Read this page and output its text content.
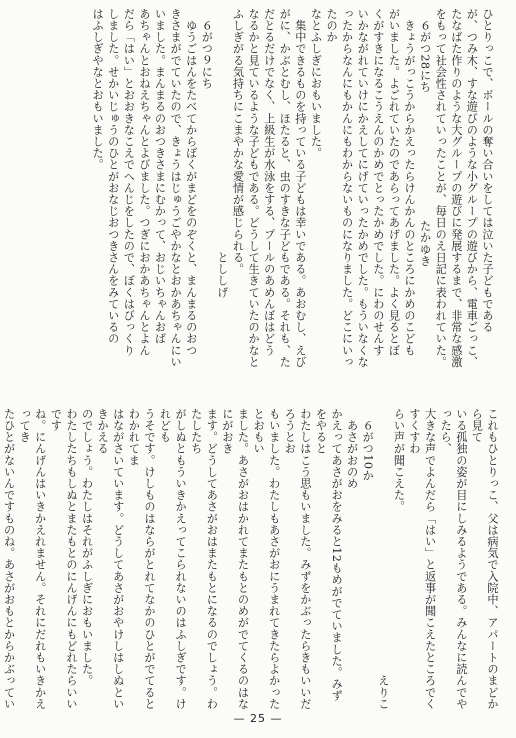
ひとりっこで、ボールの奪い合いをしては泣いた子どもである
が、つみ木、すな遊びのような小グループの遊びから、電車ごっこ、
たなばた作りのような大グループの遊びに発展するまで、非常な感激
をもって社会性されていったことが、毎日のえ日記に表われていた。
　６がつ28にち　　　　　　　　　　　たかゆき
　きょうがっこうからかえったらけんかんのところにかめのこども
がいました。よごれていたのであらってあげました。よく見るとぼ
くがすきになるこうえんのかめでとったかめでした。にわのせんす
いかながれていけにかえしてにげていったかめでした。もういなくな
ったからなんにもかんにもわからないものになりました。どこにいったのか
なとふしぎにおもいました。
　集中できるものを持っている子どもは幸いである。あおむし、えび
がに、かぶとむし、ほたると、虫のすきな子どもである。それも、た
だとるだけでなく、上級生が水泳をする、プールのあめんぼはどう
なるかと見ているような子どもである。どうして生きていたのかなと
ふしぎがる気持ちにこまやかな愛情が感じられる。
　　　　　　　　　　　　　　　　　　　　　とししげ
　６がつ９にち
　ゆうごはんをたべてからぼくがまどをのぞくと、まんまるのおつ
きさまがでていたので、きょうはじゅうごやかなとおかあちゃんにい
いました。まんまるのおつきさまにむかって、おじいちゃんおば
あちゃんとおねえちゃんとよびました。つぎにおかあちゃんとよん
だら「はい」とおおきなこえでへんじをしたので、ぼくはびっくり
しました。せかいじゅうのひとがおなじおつきさんをみているの
はふしぎやなとおもいました。
これもひとりっこ、父は病気で入院中、アパートのまどから見て
いる孤独の姿が目にしみるようである。みんなに読んでやったら、
大きな声でよんだら「はい」と返事が聞こえたところでくすくすわ
らい声が聞こえた。
　　　　　　　　　　　　　　　　　　　　　　　えりこ
　６がつ10か
　あさがおのめ
かえってあさがおをみると12もめがでていました。みずをやると
わたしはこう思もいました。みずをかぶったらきもいいだろうとお
もいました。わたしもあさがおにうまれてきたらよかったとおもい
ました。あさがおはかれてまたもとのめがでてくるのはなにがおき
ます。どうしてあさがおはまたもとになるのでしょう。わたしたち
がしぬともういきかえってこられないのはふしぎです。けれども
うそです。けしものはならがとれてなかのひとがでてるとわかれてま
はながさいています。どうしてあさがおやけしはしぬといきかえる
のでしょう。わたしはそれがふしぎにおもいました。
わたしたちもしぬとまたもとのにんげんにもどれたらいいです
ね。にんげんはいきかえれません。それにだれもいきかえってき
たひとがないんですものね。あさがおもとからかぶってい
— 25 —
